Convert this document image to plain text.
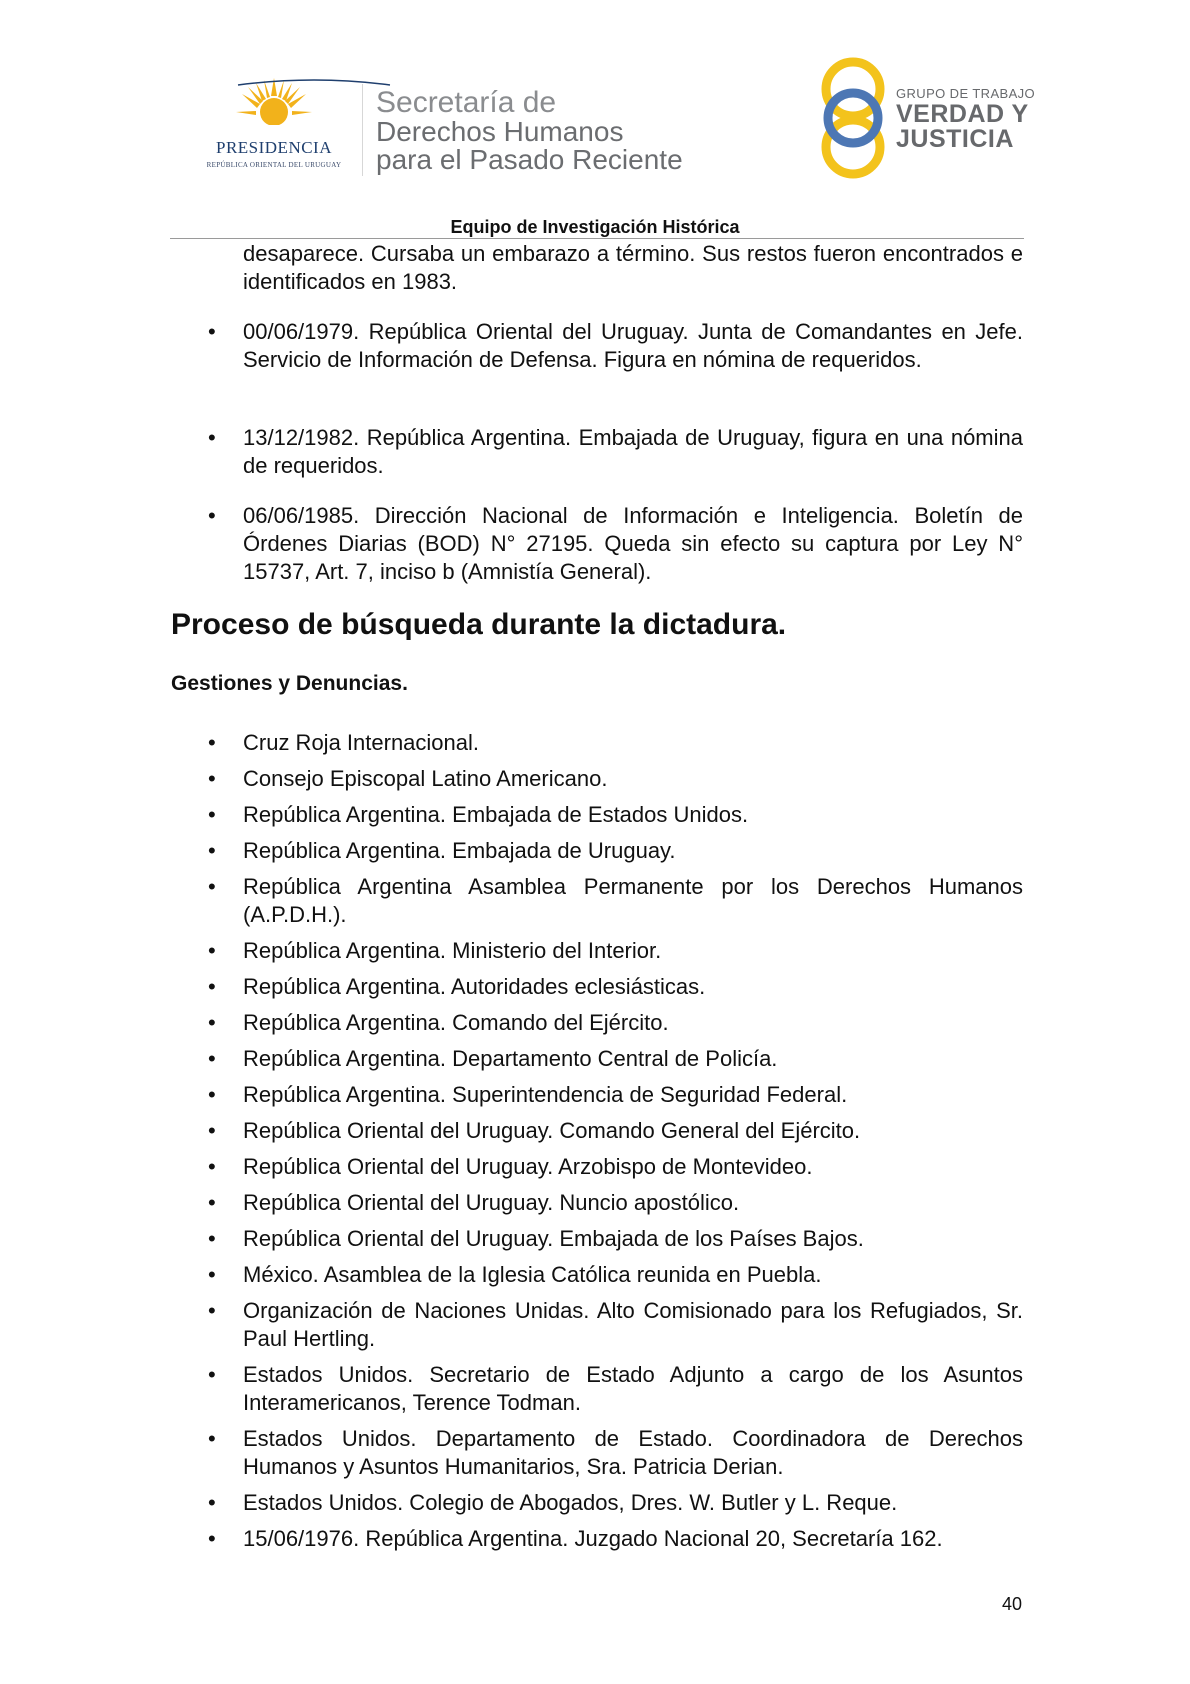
PRESIDENCIA
REPÚBLICA ORIENTAL DEL URUGUAY
Secretaría de
Derechos Humanos
para el Pasado Reciente
GRUPO DE TRABAJO
VERDAD Y
JUSTICIA
Equipo de Investigación Histórica
desaparece. Cursaba un embarazo a término. Sus restos fueron encontrados e identificados en 1983.
• 00/06/1979. República Oriental del Uruguay. Junta de Comandantes en Jefe. Servicio de Información de Defensa. Figura en nómina de requeridos.
• 13/12/1982. República Argentina. Embajada de Uruguay, figura en una nómina de requeridos.
• 06/06/1985. Dirección Nacional de Información e Inteligencia. Boletín de Órdenes Diarias (BOD) N° 27195. Queda sin efecto su captura por Ley N° 15737, Art. 7, inciso b (Amnistía General).
Proceso de búsqueda durante la dictadura.
Gestiones y Denuncias.
• Cruz Roja Internacional.
• Consejo Episcopal Latino Americano.
• República Argentina. Embajada de Estados Unidos.
• República Argentina. Embajada de Uruguay.
• República Argentina Asamblea Permanente por los Derechos Humanos (A.P.D.H.).
• República Argentina. Ministerio del Interior.
• República Argentina. Autoridades eclesiásticas.
• República Argentina. Comando del Ejército.
• República Argentina. Departamento Central de Policía.
• República Argentina. Superintendencia de Seguridad Federal.
• República Oriental del Uruguay. Comando General del Ejército.
• República Oriental del Uruguay. Arzobispo de Montevideo.
• República Oriental del Uruguay. Nuncio apostólico.
• República Oriental del Uruguay. Embajada de los Países Bajos.
• México. Asamblea de la Iglesia Católica reunida en Puebla.
• Organización de Naciones Unidas. Alto Comisionado para los Refugiados, Sr. Paul Hertling.
• Estados Unidos. Secretario de Estado Adjunto a cargo de los Asuntos Interamericanos, Terence Todman.
• Estados Unidos. Departamento de Estado. Coordinadora de Derechos Humanos y Asuntos Humanitarios, Sra. Patricia Derian.
• Estados Unidos. Colegio de Abogados, Dres. W. Butler y L. Reque.
• 15/06/1976. República Argentina. Juzgado Nacional 20, Secretaría 162.
40
